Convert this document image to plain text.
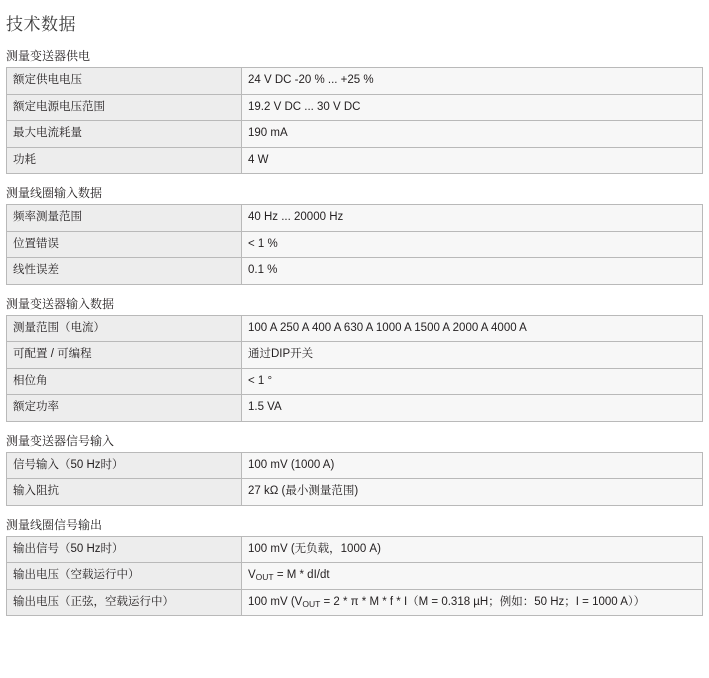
技术数据
测量变送器供电
额定供电电压	24 V DC -20 % ... +25 %
额定电源电压范围	19.2 V DC ... 30 V DC
最大电流耗量	190 mA
功耗	4 W
测量线圈输入数据
频率测量范围	40 Hz ... 20000 Hz
位置错误	< 1 %
线性误差	0.1 %
测量变送器输入数据
测量范围（电流）	100 A 250 A 400 A 630 A 1000 A 1500 A 2000 A 4000 A
可配置 / 可编程	通过DIP开关
相位角	< 1 °
额定功率	1.5 VA
测量变送器信号输入
信号输入（50 Hz时）	100 mV (1000 A)
输入阻抗	27 kΩ (最小测量范围)
测量线圈信号输出
输出信号（50 Hz时）	100 mV (无负载，1000 A)
输出电压（空载运行中）	$V_{OUT} = M * dI/dt$
输出电压（正弦，空载运行中）	100 mV ($V_{OUT} = 2 * \pi * M * f * I(M = 0.318$ µH；例如：50 Hz；I = 1000 A））
